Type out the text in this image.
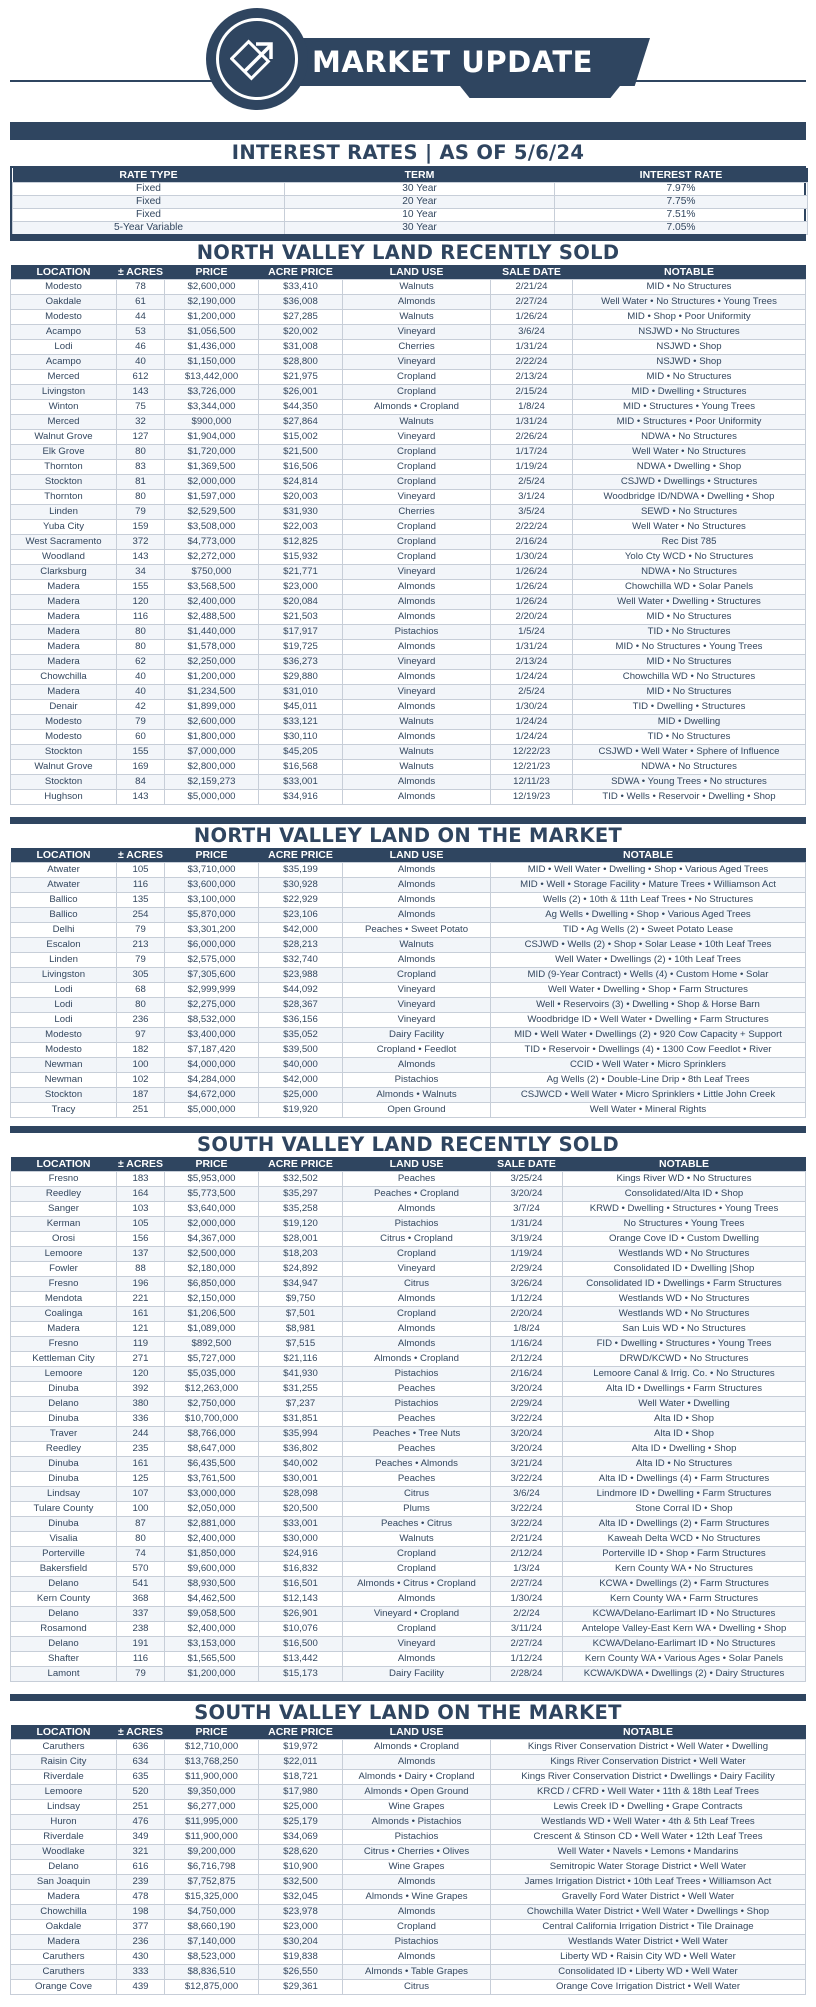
MARKET UPDATE
INTEREST RATES | AS OF 5/6/24
RATE TYPE	TERM	INTEREST RATE
Fixed	30 Year	7.97%
Fixed	20 Year	7.75%
Fixed	10 Year	7.51%
5-Year Variable	30 Year	7.05%
NORTH VALLEY LAND RECENTLY SOLD
LOCATION	± ACRES	PRICE	ACRE PRICE	LAND USE	SALE DATE	NOTABLE
Modesto	78	$2,600,000	$33,410	Walnuts	2/21/24	MID • No Structures
Oakdale	61	$2,190,000	$36,008	Almonds	2/27/24	Well Water • No Structures • Young Trees
Modesto	44	$1,200,000	$27,285	Walnuts	1/26/24	MID • Shop • Poor Uniformity
Acampo	53	$1,056,500	$20,002	Vineyard	3/6/24	NSJWD • No Structures
Lodi	46	$1,436,000	$31,008	Cherries	1/31/24	NSJWD • Shop
Acampo	40	$1,150,000	$28,800	Vineyard	2/22/24	NSJWD • Shop
Merced	612	$13,442,000	$21,975	Cropland	2/13/24	MID • No Structures
Livingston	143	$3,726,000	$26,001	Cropland	2/15/24	MID • Dwelling • Structures
Winton	75	$3,344,000	$44,350	Almonds • Cropland	1/8/24	MID • Structures • Young Trees
Merced	32	$900,000	$27,864	Walnuts	1/31/24	MID • Structures • Poor Uniformity
Walnut Grove	127	$1,904,000	$15,002	Vineyard	2/26/24	NDWA • No Structures
Elk Grove	80	$1,720,000	$21,500	Cropland	1/17/24	Well Water • No Structures
Thornton	83	$1,369,500	$16,506	Cropland	1/19/24	NDWA • Dwelling • Shop
Stockton	81	$2,000,000	$24,814	Cropland	2/5/24	CSJWD • Dwellings • Structures
Thornton	80	$1,597,000	$20,003	Vineyard	3/1/24	Woodbridge ID/NDWA • Dwelling • Shop
Linden	79	$2,529,500	$31,930	Cherries	3/5/24	SEWD • No Structures
Yuba City	159	$3,508,000	$22,003	Cropland	2/22/24	Well Water • No Structures
West Sacramento	372	$4,773,000	$12,825	Cropland	2/16/24	Rec Dist 785
Woodland	143	$2,272,000	$15,932	Cropland	1/30/24	Yolo Cty WCD • No Structures
Clarksburg	34	$750,000	$21,771	Vineyard	1/26/24	NDWA • No Structures
Madera	155	$3,568,500	$23,000	Almonds	1/26/24	Chowchilla WD • Solar Panels
Madera	120	$2,400,000	$20,084	Almonds	1/26/24	Well Water • Dwelling • Structures
Madera	116	$2,488,500	$21,503	Almonds	2/20/24	MID • No Structures
Madera	80	$1,440,000	$17,917	Pistachios	1/5/24	TID • No Structures
Madera	80	$1,578,000	$19,725	Almonds	1/31/24	MID • No Structures • Young Trees
Madera	62	$2,250,000	$36,273	Vineyard	2/13/24	MID • No Structures
Chowchilla	40	$1,200,000	$29,880	Almonds	1/24/24	Chowchilla WD • No Structures
Madera	40	$1,234,500	$31,010	Vineyard	2/5/24	MID • No Structures
Denair	42	$1,899,000	$45,011	Almonds	1/30/24	TID • Dwelling • Structures
Modesto	79	$2,600,000	$33,121	Walnuts	1/24/24	MID • Dwelling
Modesto	60	$1,800,000	$30,110	Almonds	1/24/24	TID • No Structures
Stockton	155	$7,000,000	$45,205	Walnuts	12/22/23	CSJWD • Well Water • Sphere of Influence
Walnut Grove	169	$2,800,000	$16,568	Walnuts	12/21/23	NDWA • No Structures
Stockton	84	$2,159,273	$33,001	Almonds	12/11/23	SDWA • Young Trees • No structures
Hughson	143	$5,000,000	$34,916	Almonds	12/19/23	TID • Wells • Reservoir • Dwelling • Shop
NORTH VALLEY LAND ON THE MARKET
LOCATION	± ACRES	PRICE	ACRE PRICE	LAND USE	NOTABLE
Atwater	105	$3,710,000	$35,199	Almonds	MID • Well Water • Dwelling • Shop • Various Aged Trees
Atwater	116	$3,600,000	$30,928	Almonds	MID • Well • Storage Facility • Mature Trees • Williamson Act
Ballico	135	$3,100,000	$22,929	Almonds	Wells (2) • 10th & 11th Leaf Trees • No Structures
Ballico	254	$5,870,000	$23,106	Almonds	Ag Wells • Dwelling • Shop • Various Aged Trees
Delhi	79	$3,301,200	$42,000	Peaches • Sweet Potato	TID • Ag Wells (2) • Sweet Potato Lease
Escalon	213	$6,000,000	$28,213	Walnuts	CSJWD • Wells (2) • Shop • Solar Lease • 10th Leaf Trees
Linden	79	$2,575,000	$32,740	Almonds	Well Water • Dwellings (2) • 10th Leaf Trees
Livingston	305	$7,305,600	$23,988	Cropland	MID (9-Year Contract) • Wells (4) • Custom Home • Solar
Lodi	68	$2,999,999	$44,092	Vineyard	Well Water • Dwelling • Shop • Farm Structures
Lodi	80	$2,275,000	$28,367	Vineyard	Well • Reservoirs (3) • Dwelling • Shop & Horse Barn
Lodi	236	$8,532,000	$36,156	Vineyard	Woodbridge ID • Well Water • Dwelling • Farm Structures
Modesto	97	$3,400,000	$35,052	Dairy Facility	MID • Well Water • Dwellings (2) • 920 Cow Capacity + Support
Modesto	182	$7,187,420	$39,500	Cropland • Feedlot	TID • Reservoir • Dwellings (4) • 1300 Cow Feedlot • River
Newman	100	$4,000,000	$40,000	Almonds	CCID • Well Water • Micro Sprinklers
Newman	102	$4,284,000	$42,000	Pistachios	Ag Wells (2) • Double-Line Drip • 8th Leaf Trees
Stockton	187	$4,672,000	$25,000	Almonds • Walnuts	CSJWCD • Well Water • Micro Sprinklers • Little John Creek
Tracy	251	$5,000,000	$19,920	Open Ground	Well Water • Mineral Rights
SOUTH VALLEY LAND RECENTLY SOLD
LOCATION	± ACRES	PRICE	ACRE PRICE	LAND USE	SALE DATE	NOTABLE
Fresno	183	$5,953,000	$32,502	Peaches	3/25/24	Kings River WD • No Structures
Reedley	164	$5,773,500	$35,297	Peaches • Cropland	3/20/24	Consolidated/Alta ID • Shop
Sanger	103	$3,640,000	$35,258	Almonds	3/7/24	KRWD • Dwelling • Structures • Young Trees
Kerman	105	$2,000,000	$19,120	Pistachios	1/31/24	No Structures • Young Trees
Orosi	156	$4,367,000	$28,001	Citrus • Cropland	3/19/24	Orange Cove ID • Custom Dwelling
Lemoore	137	$2,500,000	$18,203	Cropland	1/19/24	Westlands WD • No Structures
Fowler	88	$2,180,000	$24,892	Vineyard	2/29/24	Consolidated ID • Dwelling |Shop
Fresno	196	$6,850,000	$34,947	Citrus	3/26/24	Consolidated ID • Dwellings • Farm Structures
Mendota	221	$2,150,000	$9,750	Almonds	1/12/24	Westlands WD • No Structures
Coalinga	161	$1,206,500	$7,501	Cropland	2/20/24	Westlands WD • No Structures
Madera	121	$1,089,000	$8,981	Almonds	1/8/24	San Luis WD • No Structures
Fresno	119	$892,500	$7,515	Almonds	1/16/24	FID • Dwelling • Structures • Young Trees
Kettleman City	271	$5,727,000	$21,116	Almonds • Cropland	2/12/24	DRWD/KCWD • No Structures
Lemoore	120	$5,035,000	$41,930	Pistachios	2/16/24	Lemoore Canal & Irrig. Co. • No Structures
Dinuba	392	$12,263,000	$31,255	Peaches	3/20/24	Alta ID • Dwellings • Farm Structures
Delano	380	$2,750,000	$7,237	Pistachios	2/29/24	Well Water • Dwelling
Dinuba	336	$10,700,000	$31,851	Peaches	3/22/24	Alta ID • Shop
Traver	244	$8,766,000	$35,994	Peaches • Tree Nuts	3/20/24	Alta ID • Shop
Reedley	235	$8,647,000	$36,802	Peaches	3/20/24	Alta ID • Dwelling • Shop
Dinuba	161	$6,435,500	$40,002	Peaches • Almonds	3/21/24	Alta ID • No Structures
Dinuba	125	$3,761,500	$30,001	Peaches	3/22/24	Alta ID • Dwellings (4) • Farm Structures
Lindsay	107	$3,000,000	$28,098	Citrus	3/6/24	Lindmore ID • Dwelling • Farm Structures
Tulare County	100	$2,050,000	$20,500	Plums	3/22/24	Stone Corral ID • Shop
Dinuba	87	$2,881,000	$33,001	Peaches • Citrus	3/22/24	Alta ID • Dwellings (2) • Farm Structures
Visalia	80	$2,400,000	$30,000	Walnuts	2/21/24	Kaweah Delta WCD • No Structures
Porterville	74	$1,850,000	$24,916	Cropland	2/12/24	Porterville ID • Shop • Farm Structures
Bakersfield	570	$9,600,000	$16,832	Cropland	1/3/24	Kern County WA • No Structures
Delano	541	$8,930,500	$16,501	Almonds • Citrus • Cropland	2/27/24	KCWA • Dwellings (2) • Farm Structures
Kern County	368	$4,462,500	$12,143	Almonds	1/30/24	Kern County WA • Farm Structures
Delano	337	$9,058,500	$26,901	Vineyard • Cropland	2/2/24	KCWA/Delano-Earlimart ID • No Structures
Rosamond	238	$2,400,000	$10,076	Cropland	3/11/24	Antelope Valley-East Kern WA • Dwelling • Shop
Delano	191	$3,153,000	$16,500	Vineyard	2/27/24	KCWA/Delano-Earlimart ID • No Structures
Shafter	116	$1,565,500	$13,442	Almonds	1/12/24	Kern County WA • Various Ages • Solar Panels
Lamont	79	$1,200,000	$15,173	Dairy Facility	2/28/24	KCWA/KDWA • Dwellings (2) • Dairy Structures
SOUTH VALLEY LAND ON THE MARKET
LOCATION	± ACRES	PRICE	ACRE PRICE	LAND USE	NOTABLE
Caruthers	636	$12,710,000	$19,972	Almonds • Cropland	Kings River Conservation District • Well Water • Dwelling
Raisin City	634	$13,768,250	$22,011	Almonds	Kings River Conservation District • Well Water
Riverdale	635	$11,900,000	$18,721	Almonds • Dairy • Cropland	Kings River Conservation District • Dwellings • Dairy Facility
Lemoore	520	$9,350,000	$17,980	Almonds • Open Ground	KRCD / CFRD • Well Water • 11th & 18th Leaf Trees
Lindsay	251	$6,277,000	$25,000	Wine Grapes	Lewis Creek ID • Dwelling • Grape Contracts
Huron	476	$11,995,000	$25,179	Almonds • Pistachios	Westlands WD • Well Water • 4th & 5th Leaf Trees
Riverdale	349	$11,900,000	$34,069	Pistachios	Crescent & Stinson CD • Well Water • 12th Leaf Trees
Woodlake	321	$9,200,000	$28,620	Citrus • Cherries • Olives	Well Water • Navels • Lemons • Mandarins
Delano	616	$6,716,798	$10,900	Wine Grapes	Semitropic Water Storage District • Well Water
San Joaquin	239	$7,752,875	$32,500	Almonds	James Irrigation District • 10th Leaf Trees • Williamson Act
Madera	478	$15,325,000	$32,045	Almonds • Wine Grapes	Gravelly Ford Water District • Well Water
Chowchilla	198	$4,750,000	$23,978	Almonds	Chowchilla Water District • Well Water • Dwellings • Shop
Oakdale	377	$8,660,190	$23,000	Cropland	Central California Irrigation District • Tile Drainage
Madera	236	$7,140,000	$30,204	Pistachios	Westlands Water District • Well Water
Caruthers	430	$8,523,000	$19,838	Almonds	Liberty WD • Raisin City WD • Well Water
Caruthers	333	$8,836,510	$26,550	Almonds • Table Grapes	Consolidated ID • Liberty WD • Well Water
Orange Cove	439	$12,875,000	$29,361	Citrus	Orange Cove Irrigation District • Well Water
